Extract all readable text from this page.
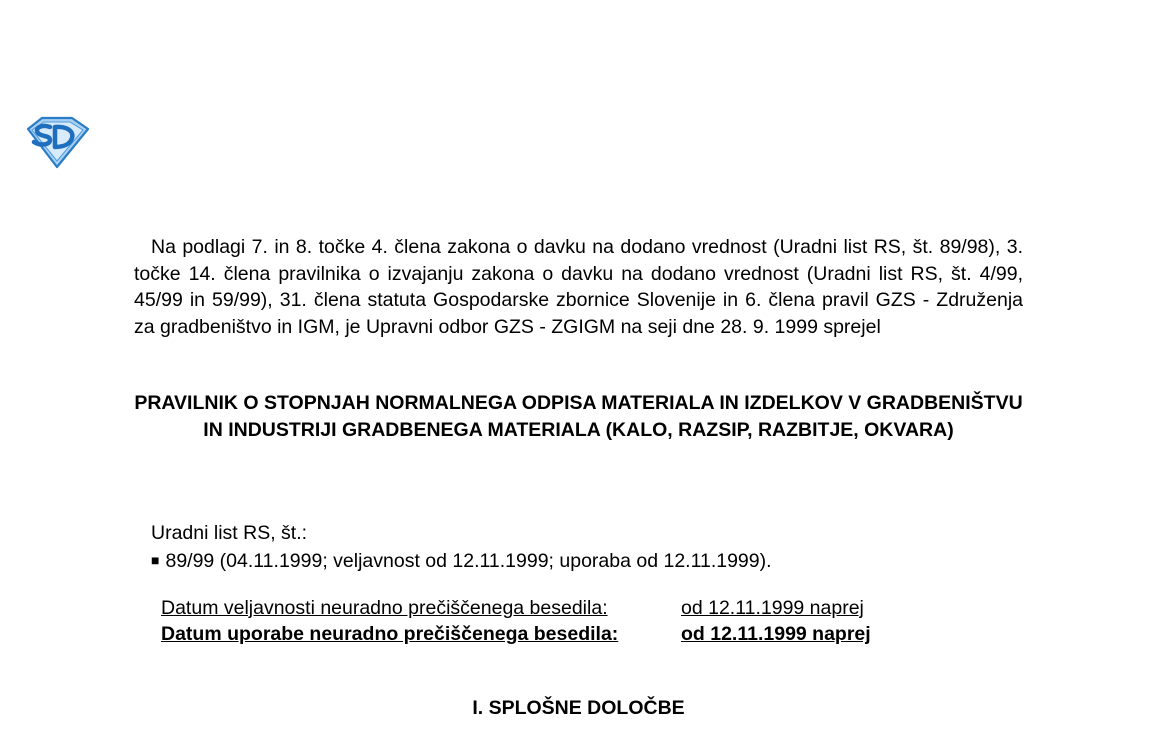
Na podlagi 7. in 8. točke 4. člena zakona o davku na dodano vrednost (Uradni list RS, št. 89/98), 3. točke 14. člena pravilnika o izvajanju zakona o davku na dodano vrednost (Uradni list RS, št. 4/99, 45/99 in 59/99), 31. člena statuta Gospodarske zbornice Slovenije in 6. člena pravil GZS - Združenja za gradbeništvo in IGM, je Upravni odbor GZS - ZGIGM na seji dne 28. 9. 1999 sprejel

PRAVILNIK O STOPNJAH NORMALNEGA ODPISA MATERIALA IN IZDELKOV V GRADBENIŠTVU IN INDUSTRIJI GRADBENEGA MATERIALA (KALO, RAZSIP, RAZBITJE, OKVARA)
Uradni list RS, št.:
■ 89/99 (04.11.1999; veljavnost od 12.11.1999; uporaba od 12.11.1999).
Datum veljavnosti neuradno prečiščenega besedila:	od 12.11.1999 naprej
Datum uporabe neuradno prečiščenega besedila:	od 12.11.1999 naprej
I. SPLOŠNE DOLOČBE
